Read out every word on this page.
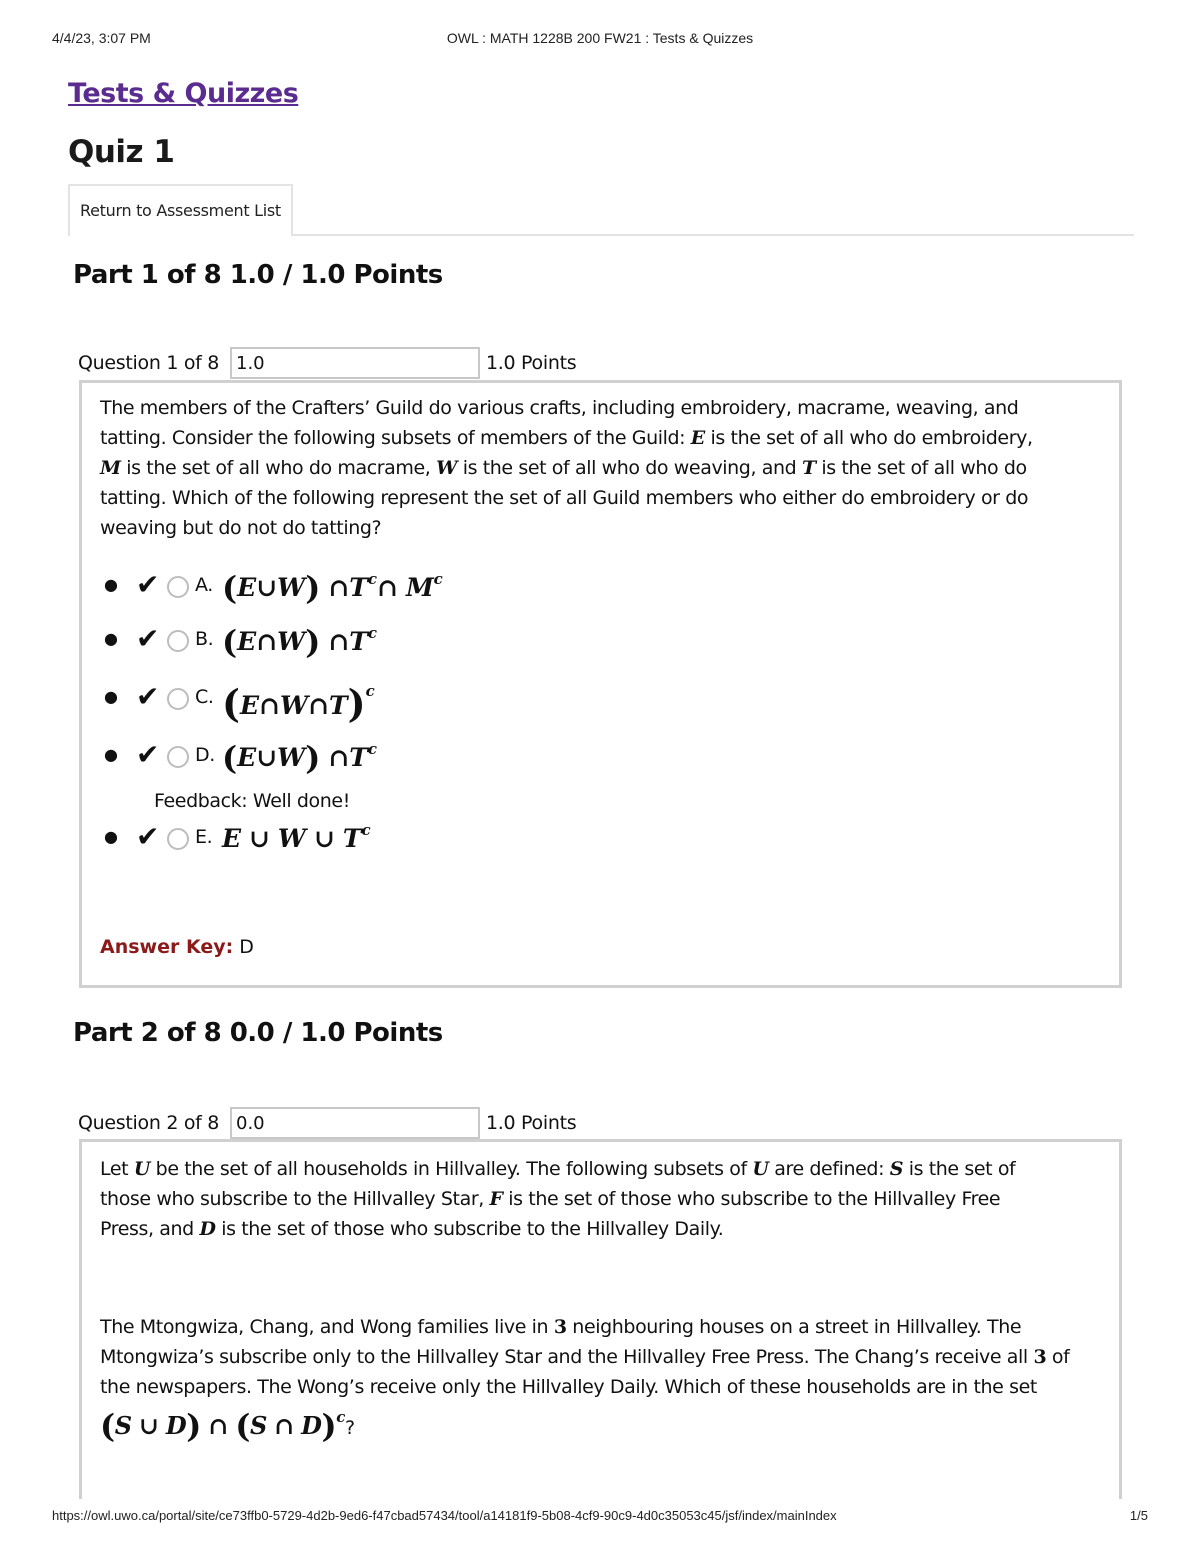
4/4/23, 3:07 PM	OWL : MATH 1228B 200 FW21 : Tests & Quizzes
Tests & Quizzes
Quiz 1
Return to Assessment List
Part 1 of 8 1.0 / 1.0 Points
Question 1 of 8
1.0	1.0 Points
The members of the Crafters’ Guild do various crafts, including embroidery, macrame, weaving, and
tatting. Consider the following subsets of members of the Guild: E is the set of all who do embroidery,
M is the set of all who do macrame, W is the set of all who do weaving, and T is the set of all who do
tatting. Which of the following represent the set of all Guild members who either do embroidery or do
weaving but do not do tatting?
● ✔ A. (E∪W) $\cap T^c\cap$ $M^c$
● ✔ B. (E∩W) $\cap T^c$
● ✔ C. (E∩W∩T)$^c$
● ✔ D. (E∪W) $\cap T^c$
Feedback: Well done!
● ✔ E. E ∪ W ∪ $T^c$
Answer Key: D
Part 2 of 8 0.0 / 1.0 Points
Question 2 of 8
0.0	1.0 Points
Let U be the set of all households in Hillvalley. The following subsets of U are defined: S is the set of
those who subscribe to the Hillvalley Star, F is the set of those who subscribe to the Hillvalley Free
Press, and D is the set of those who subscribe to the Hillvalley Daily.
The Mtongwiza, Chang, and Wong families live in 3 neighbouring houses on a street in Hillvalley. The
Mtongwiza’s subscribe only to the Hillvalley Star and the Hillvalley Free Press. The Chang’s receive all 3 of
the newspapers. The Wong’s receive only the Hillvalley Daily. Which of these households are in the set
(S ∪ D) ∩ (S ∩ D)$^c$?
https://owl.uwo.ca/portal/site/ce73ffb0-5729-4d2b-9ed6-f47cbad57434/tool/a14181f9-5b08-4cf9-90c9-4d0c35053c45/jsf/index/mainIndex	1/5
